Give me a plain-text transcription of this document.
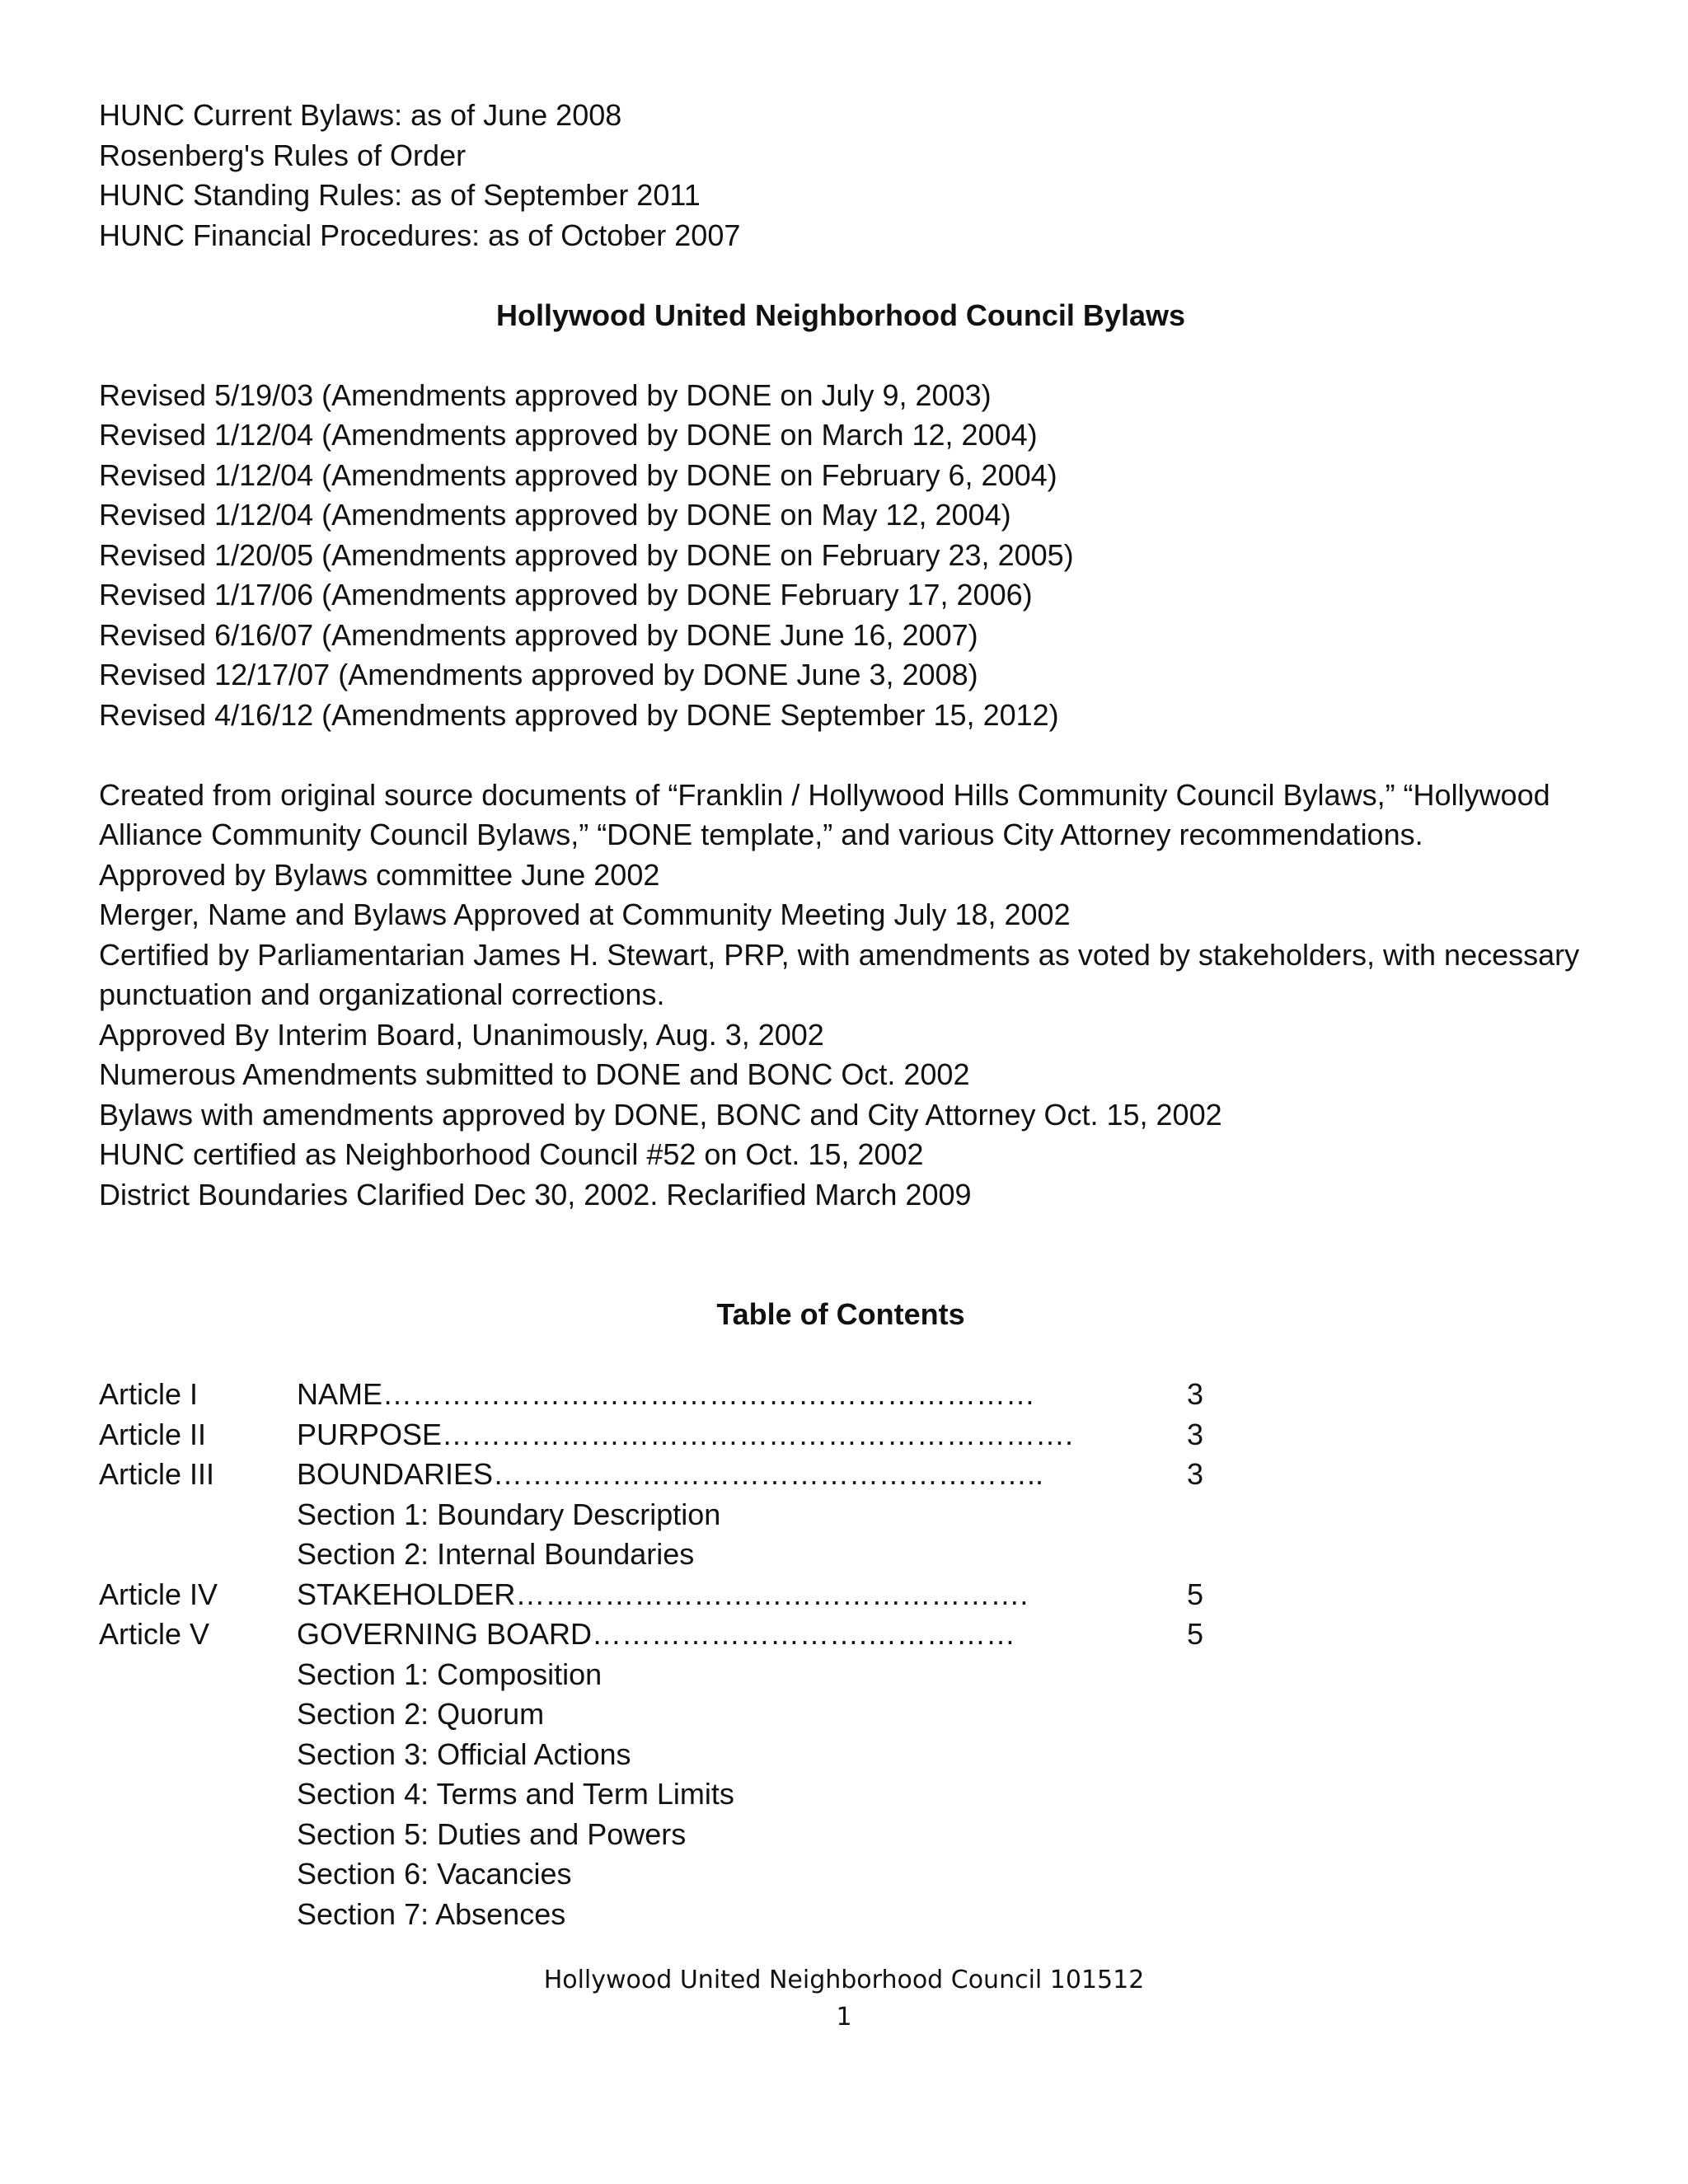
HUNC Current Bylaws: as of June 2008
Rosenberg's Rules of Order
HUNC Standing Rules: as of September 2011
HUNC Financial Procedures: as of October 2007
Hollywood United Neighborhood Council Bylaws
Revised 5/19/03 (Amendments approved by DONE on July 9, 2003)
Revised 1/12/04 (Amendments approved by DONE on March 12, 2004)
Revised 1/12/04 (Amendments approved by DONE on February 6, 2004)
Revised 1/12/04 (Amendments approved by DONE on May 12, 2004)
Revised 1/20/05 (Amendments approved by DONE on February 23, 2005)
Revised 1/17/06 (Amendments approved by DONE February 17, 2006)
Revised 6/16/07 (Amendments approved by DONE June 16, 2007)
Revised 12/17/07 (Amendments approved by DONE June 3, 2008)
Revised 4/16/12 (Amendments approved by DONE September 15, 2012)
Created from original source documents of “Franklin / Hollywood Hills Community Council Bylaws,” “Hollywood Alliance Community Council Bylaws,” “DONE template,” and various City Attorney recommendations.
Approved by Bylaws committee June 2002
Merger, Name and Bylaws Approved at Community Meeting July 18, 2002
Certified by Parliamentarian James H. Stewart, PRP, with amendments as voted by stakeholders, with necessary punctuation and organizational corrections.
Approved By Interim Board, Unanimously, Aug. 3, 2002
Numerous Amendments submitted to DONE and BONC Oct. 2002
Bylaws with amendments approved by DONE, BONC and City Attorney Oct. 15, 2002
HUNC certified as Neighborhood Council #52 on Oct. 15, 2002
District Boundaries Clarified Dec 30, 2002. Reclarified March 2009
Table of Contents
Article I	NAME…………………………………………………………	3
Article II	PURPOSE……………………………………………………….	3
Article III	BOUNDARIES………………………………………………..	3
Section 1: Boundary Description
Section 2: Internal Boundaries
Article IV	STAKEHOLDER…………………………………………….	5
Article V	GOVERNING BOARD……………………….……………	5
Section 1: Composition
Section 2: Quorum
Section 3: Official Actions
Section 4: Terms and Term Limits
Section 5: Duties and Powers
Section 6: Vacancies
Section 7: Absences
Hollywood United Neighborhood Council 101512
1
